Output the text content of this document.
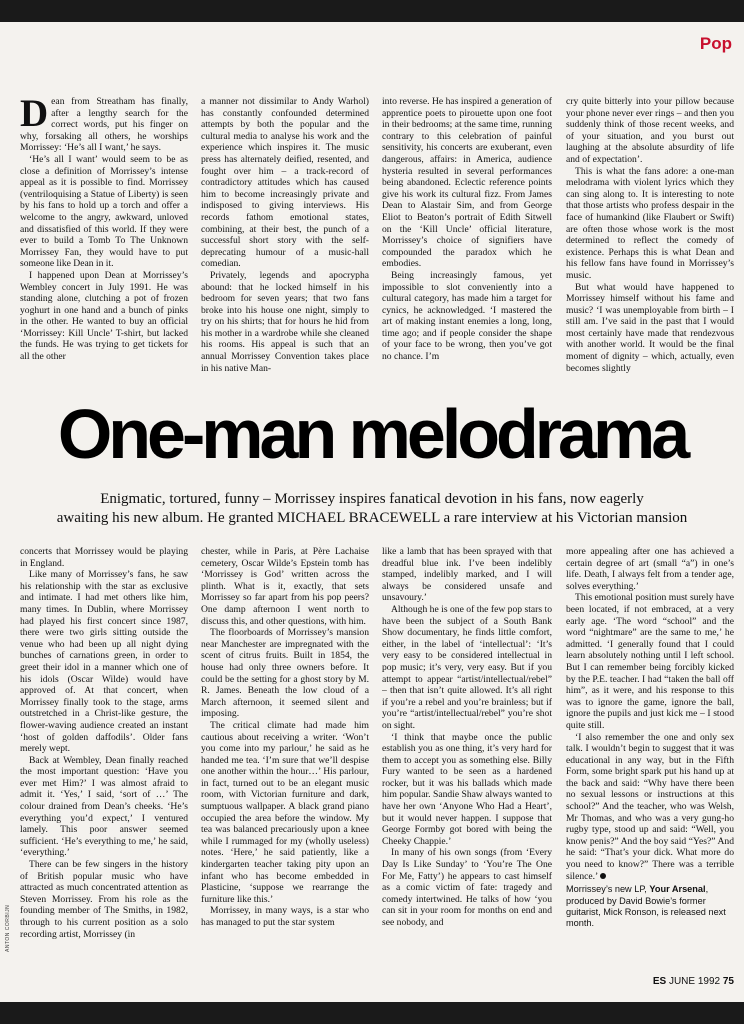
Pop

Dean from Streatham has finally, after a lengthy search for the correct words, put his finger on why, forsaking all others, he worships Morrissey: ‘He’s all I want,’ he says.

‘He’s all I want’ would seem to be as close a definition of Morrissey’s intense appeal as it is possible to find. Morrissey (ventriloquising a Statue of Liberty) is seen by his fans to hold up a torch and offer a welcome to the angry, awkward, unloved and dissatisfied of this world. If they were ever to build a Tomb To The Unknown Morrissey Fan, they would have to put someone like Dean in it.

I happened upon Dean at Morrissey’s Wembley concert in July 1991. He was standing alone, clutching a pot of frozen yoghurt in one hand and a bunch of pinks in the other. He wanted to buy an official ‘Morrissey: Kill Uncle’ T-shirt, but lacked the funds. He was trying to get tickets for all the other

a manner not dissimilar to Andy Warhol) has constantly confounded determined attempts by both the popular and the cultural media to analyse his work and the experience which inspires it. The music press has alternately deified, resented, and fought over him – a track-record of contradictory attitudes which has caused him to become increasingly private and indisposed to giving interviews. His records fathom emotional states, combining, at their best, the punch of a successful short story with the self-deprecating humour of a music-hall comedian.

Privately, legends and apocrypha abound: that he locked himself in his bedroom for seven years; that two fans broke into his house one night, simply to try on his shirts; that for hours he hid from his mother in a wardrobe while she cleaned his rooms. His appeal is such that an annual Morrissey Convention takes place in his native Man-

into reverse. He has inspired a generation of apprentice poets to pirouette upon one foot in their bedrooms; at the same time, running contrary to this celebration of painful sensitivity, his concerts are exuberant, even dangerous, affairs: in America, audience hysteria resulted in several performances being abandoned. Eclectic reference points give his work its cultural fizz. From James Dean to Alastair Sim, and from George Eliot to Beaton’s portrait of Edith Sitwell on the ‘Kill Uncle’ official literature, Morrissey’s choice of signifiers have compounded the paradox which he embodies.

Being increasingly famous, yet impossible to slot conveniently into a cultural category, has made him a target for cynics, he acknowledged. ‘I mastered the art of making instant enemies a long, long, time ago; and if people consider the shape of your face to be wrong, then you’ve got no chance. I’m

cry quite bitterly into your pillow because your phone never ever rings – and then you suddenly think of those recent weeks, and of your situation, and you burst out laughing at the absolute absurdity of life and of expectation’.

This is what the fans adore: a one-man melodrama with violent lyrics which they can sing along to. It is interesting to note that those artists who profess despair in the face of humankind (like Flaubert or Swift) are often those whose work is the most determined to reflect the comedy of existence. Perhaps this is what Dean and his fellow fans have found in Morrissey’s music.

But what would have happened to Morrissey himself without his fame and music? ‘I was unemployable from birth – I still am. I’ve said in the past that I would most certainly have made that rendezvous with another world. It would be the final moment of dignity – which, actually, even becomes slightly

One-man melodrama
Enigmatic, tortured, funny – Morrissey inspires fanatical devotion in his fans, now eagerly
awaiting his new album. He granted MICHAEL BRACEWELL a rare interview at his Victorian mansion

concerts that Morrissey would be playing in England.

Like many of Morrissey’s fans, he saw his relationship with the star as exclusive and intimate. I had met others like him, many times. In Dublin, where Morrissey had played his first concert since 1987, there were two girls sitting outside the venue who had been up all night dying bunches of carnations green, in order to greet their idol in a manner which one of his idols (Oscar Wilde) would have approved of. At that concert, when Morrissey finally took to the stage, arms outstretched in a Christ-like gesture, the flower-waving audience created an instant ‘host of golden daffodils’. Older fans merely wept.

Back at Wembley, Dean finally reached the most important question: ‘Have you ever met Him?’ I was almost afraid to admit it. ‘Yes,’ I said, ‘sort of …’ The colour drained from Dean’s cheeks. ‘He’s everything you’d expect,’ I ventured lamely. This poor answer seemed sufficient. ‘He’s everything to me,’ he said, ‘everything.’

There can be few singers in the history of British popular music who have attracted as much concentrated attention as Steven Morrissey. From his role as the founding member of The Smiths, in 1982, through to his current position as a solo recording artist, Morrissey (in

chester, while in Paris, at Père Lachaise cemetery, Oscar Wilde’s Epstein tomb has ‘Morrissey is God’ written across the plinth. What is it, exactly, that sets Morrissey so far apart from his pop peers? One damp afternoon I went north to discuss this, and other questions, with him.

The floorboards of Morrissey’s mansion near Manchester are impregnated with the scent of citrus fruits. Built in 1854, the house had only three owners before. It could be the setting for a ghost story by M. R. James. Beneath the low cloud of a March afternoon, it seemed silent and imposing.

The critical climate had made him cautious about receiving a writer. ‘Won’t you come into my parlour,’ he said as he handed me tea. ‘I’m sure that we’ll despise one another within the hour…’ His parlour, in fact, turned out to be an elegant music room, with Victorian furniture and dark, sumptuous wallpaper. A black grand piano occupied the area before the window. My tea was balanced precariously upon a knee while I rummaged for my (wholly useless) notes. ‘Here,’ he said patiently, like a kindergarten teacher taking pity upon an infant who has become embedded in Plasticine, ‘suppose we rearrange the furniture like this.’

Morrissey, in many ways, is a star who has managed to put the star system

like a lamb that has been sprayed with that dreadful blue ink. I’ve been indelibly stamped, indelibly marked, and I will always be considered unsafe and unsavoury.’

Although he is one of the few pop stars to have been the subject of a South Bank Show documentary, he finds little comfort, either, in the label of ‘intellectual’: ‘It’s very easy to be considered intellectual in pop music; it’s very, very easy. But if you attempt to appear “artist/intellectual/rebel” – then that isn’t quite allowed. It’s all right if you’re a rebel and you’re brainless; but if you’re “artist/intellectual/rebel” you’re shot on sight.

‘I think that maybe once the public establish you as one thing, it’s very hard for them to accept you as something else. Billy Fury wanted to be seen as a hardened rocker, but it was his ballads which made him popular. Sandie Shaw always wanted to have her own ‘Anyone Who Had a Heart’, but it would never happen. I suppose that George Formby got bored with being the Cheeky Chappie.’

In many of his own songs (from ‘Every Day Is Like Sunday’ to ‘You’re The One For Me, Fatty’) he appears to cast himself as a comic victim of fate: tragedy and comedy intertwined. He talks of how ‘you can sit in your room for months on end and see nobody, and

more appealing after one has achieved a certain degree of art (small “a”) in one’s life. Death, I always felt from a tender age, solves everything.’

This emotional position must surely have been located, if not embraced, at a very early age. ‘The word “school” and the word “nightmare” are the same to me,’ he admitted. ‘I generally found that I could learn absolutely nothing until I left school. But I can remember being forcibly kicked by the P.E. teacher. I had “taken the ball off him”, as it were, and his response to this was to ignore the game, ignore the ball, ignore the pupils and just kick me – I stood quite still.

‘I also remember the one and only sex talk. I wouldn’t begin to suggest that it was educational in any way, but in the Fifth Form, some bright spark put his hand up at the back and said: “Why have there been no sexual lessons or instructions at this school?” And the teacher, who was Welsh, Mr Thomas, and who was a very gung-ho rugby type, stood up and said: “Well, you know penis?” And the boy said “Yes?” And he said: “That’s your dick. What more do you need to know?” There was a terrible silence.’

Morrissey’s new LP, Your Arsenal, produced by David Bowie’s former guitarist, Mick Ronson, is released next month.
ANTON CORBIJN
ES JUNE 1992 75
